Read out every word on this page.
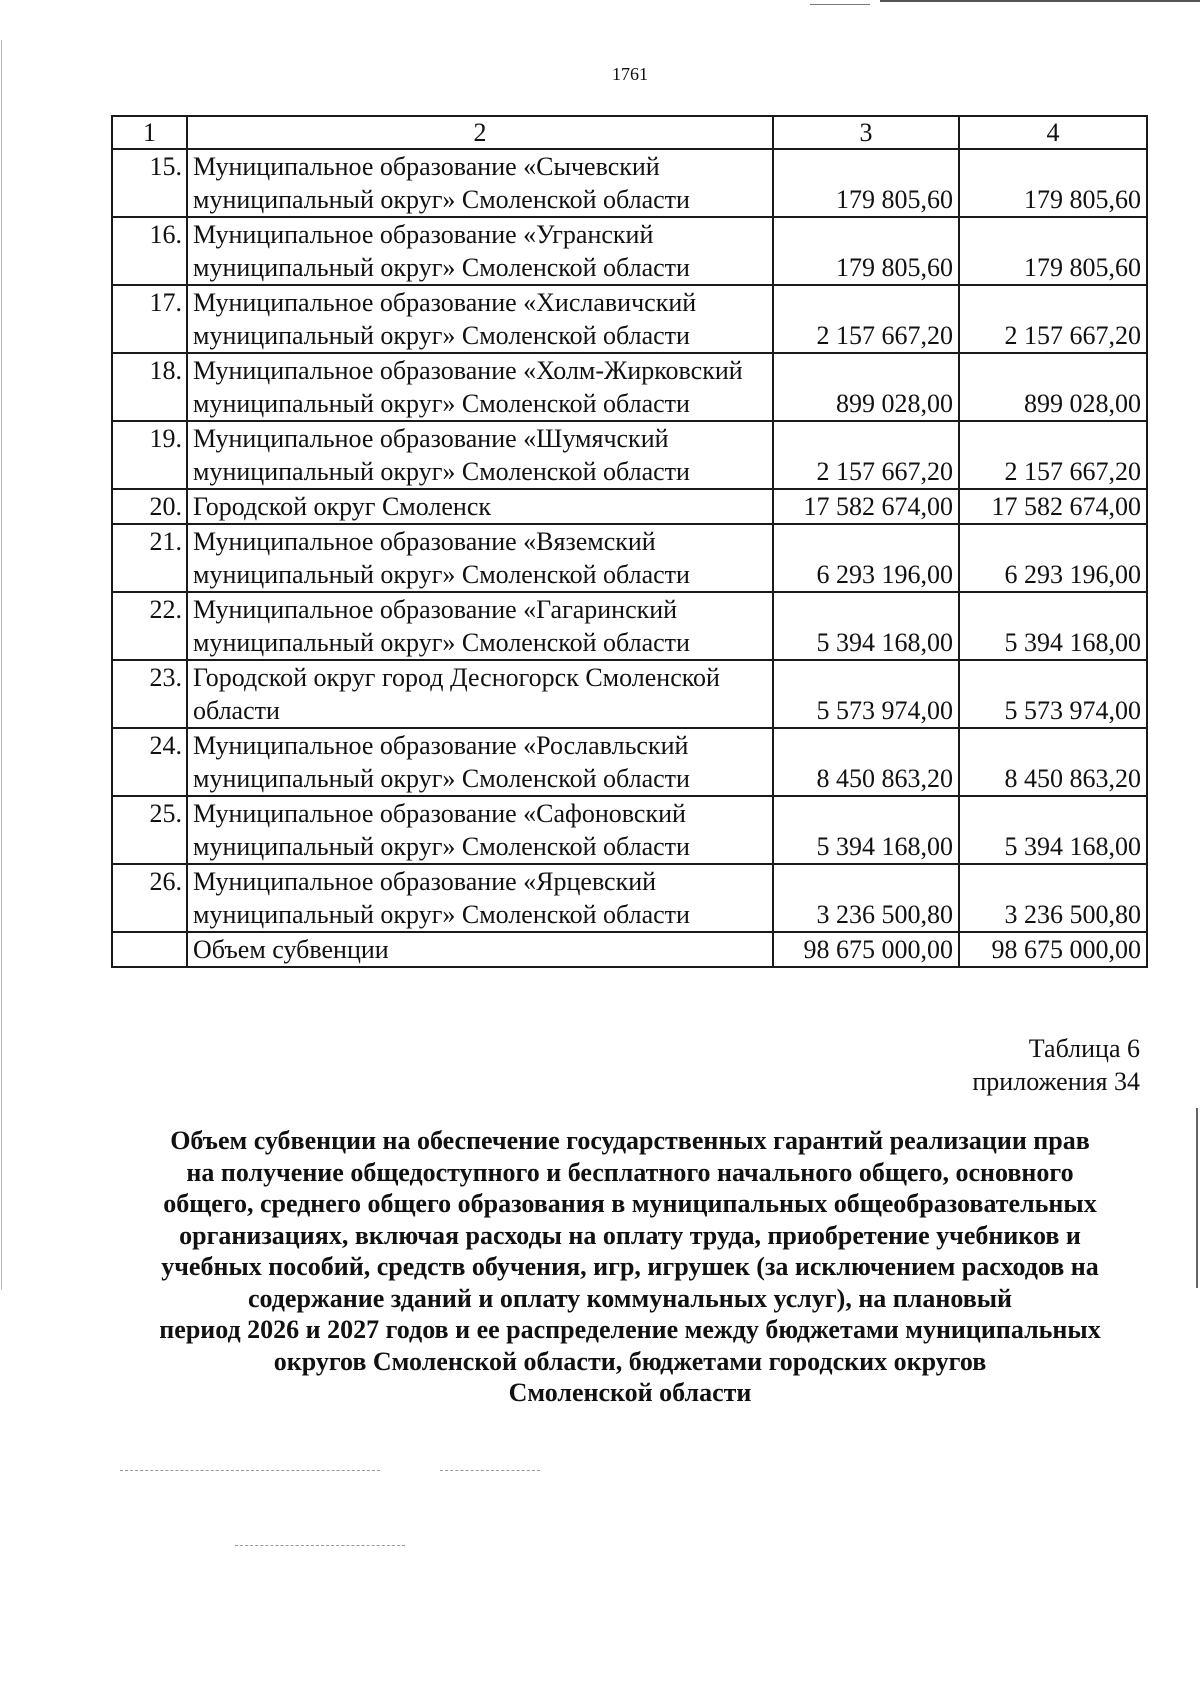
1761
1	2	3	4
15.	Муниципальное образование «Сычевский муниципальный округ» Смоленской области	179 805,60	179 805,60
16.	Муниципальное образование «Угранский муниципальный округ» Смоленской области	179 805,60	179 805,60
17.	Муниципальное образование «Хиславичский муниципальный округ» Смоленской области	2 157 667,20	2 157 667,20
18.	Муниципальное образование «Холм-Жирковский муниципальный округ» Смоленской области	899 028,00	899 028,00
19.	Муниципальное образование «Шумячский муниципальный округ» Смоленской области	2 157 667,20	2 157 667,20
20.	Городской округ Смоленск	17 582 674,00	17 582 674,00
21.	Муниципальное образование «Вяземский муниципальный округ» Смоленской области	6 293 196,00	6 293 196,00
22.	Муниципальное образование «Гагаринский муниципальный округ» Смоленской области	5 394 168,00	5 394 168,00
23.	Городской округ город Десногорск Смоленской области	5 573 974,00	5 573 974,00
24.	Муниципальное образование «Рославльский муниципальный округ» Смоленской области	8 450 863,20	8 450 863,20
25.	Муниципальное образование «Сафоновский муниципальный округ» Смоленской области	5 394 168,00	5 394 168,00
26.	Муниципальное образование «Ярцевский муниципальный округ» Смоленской области	3 236 500,80	3 236 500,80
	Объем субвенции	98 675 000,00	98 675 000,00
Таблица 6
приложения 34
Объем субвенции на обеспечение государственных гарантий реализации прав
на получение общедоступного и бесплатного начального общего, основного
общего, среднего общего образования в муниципальных общеобразовательных
организациях, включая расходы на оплату труда, приобретение учебников и
учебных пособий, средств обучения, игр, игрушек (за исключением расходов на
содержание зданий и оплату коммунальных услуг), на плановый
период 2026 и 2027 годов и ее распределение между бюджетами муниципальных
округов Смоленской области, бюджетами городских округов
Смоленской области
